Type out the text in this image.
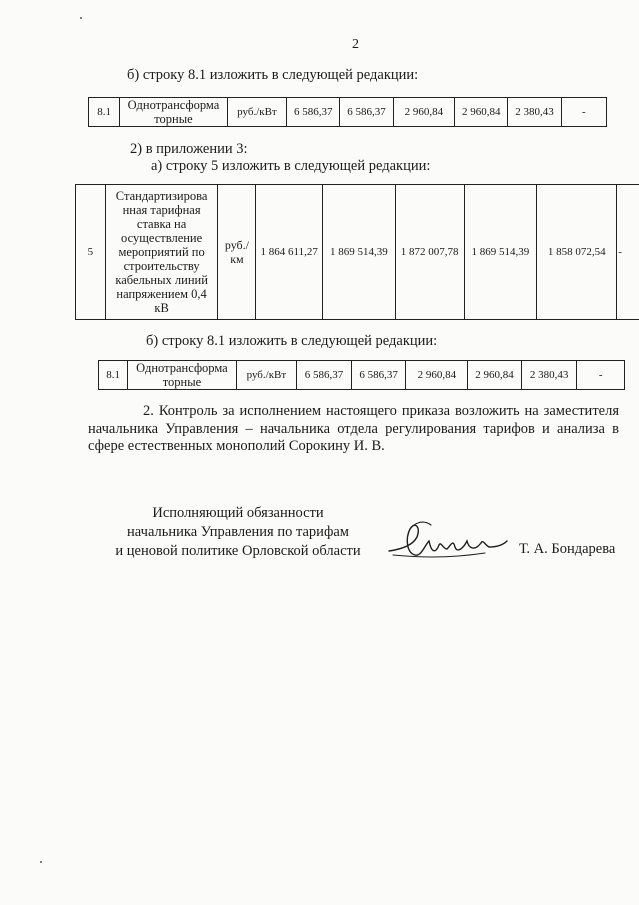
2
б) строку 8.1 изложить в следующей редакции:
8.1	Однотрансформа торные	руб./кВт	6 586,37	6 586,37	2 960,84	2 960,84	2 380,43	-
2) в приложении 3:
а) строку 5 изложить в следующей редакции:
5	Стандартизирова нная тарифная ставка на осуществление мероприятий по строительству кабельных линий напряжением 0,4 кВ	руб./ км	1 864 611,27	1 869 514,39	1 872 007,78	1 869 514,39	1 858 072,54	-
б) строку 8.1 изложить в следующей редакции:
8.1	Однотрансформа торные	руб./кВт	6 586,37	6 586,37	2 960,84	2 960,84	2 380,43	-
2. Контроль за исполнением настоящего приказа возложить на заместителя начальника Управления – начальника отдела регулирования тарифов и анализа в сфере естественных монополий Сорокину И. В.
Исполняющий обязанности
начальника Управления по тарифам
и ценовой политике Орловской области	Т. А. Бондарева
